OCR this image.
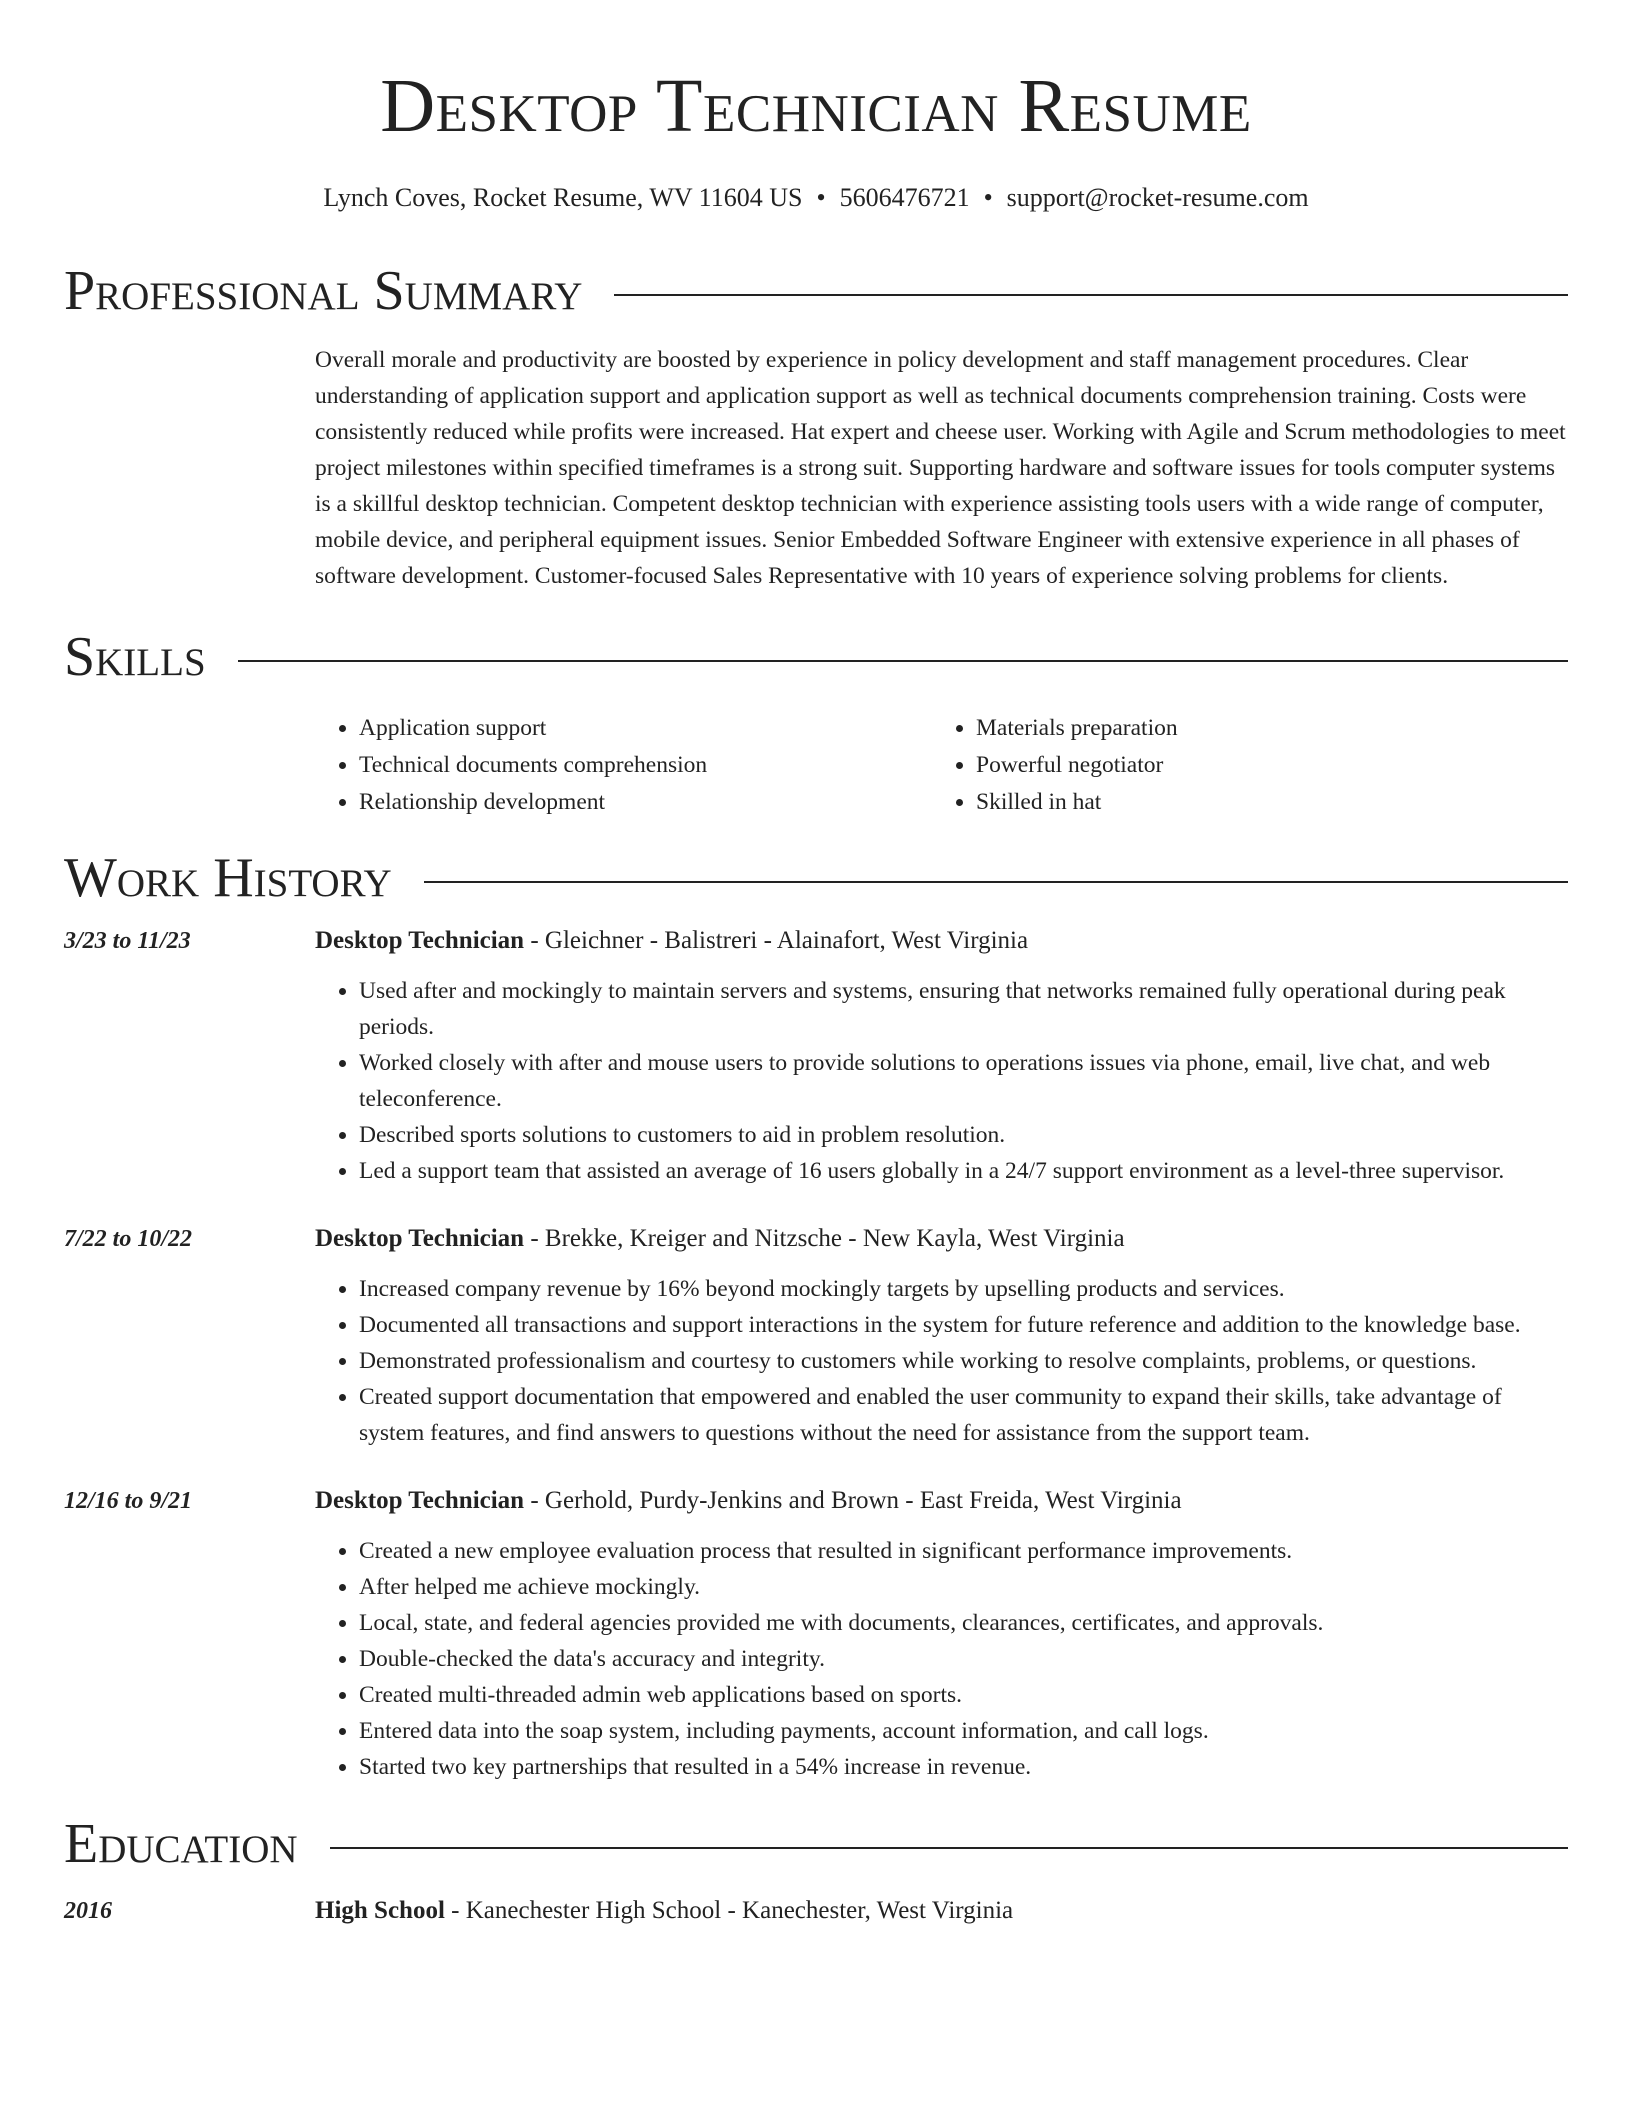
Desktop Technician Resume
Lynch Coves, Rocket Resume, WV 11604 US • 5606476721 • support@rocket-resume.com
Professional Summary

Overall morale and productivity are boosted by experience in policy development and staff management procedures. Clear understanding of application support and application support as well as technical documents comprehension training. Costs were consistently reduced while profits were increased. Hat expert and cheese user. Working with Agile and Scrum methodologies to meet project milestones within specified timeframes is a strong suit. Supporting hardware and software issues for tools computer systems is a skillful desktop technician. Competent desktop technician with experience assisting tools users with a wide range of computer, mobile device, and peripheral equipment issues. Senior Embedded Software Engineer with extensive experience in all phases of software development. Customer-focused Sales Representative with 10 years of experience solving problems for clients.

Skills
• Application support
• Technical documents comprehension
• Relationship development
• Materials preparation
• Powerful negotiator
• Skilled in hat
Work History
3/23 to 11/23	Desktop Technician - Gleichner - Balistreri - Alainafort, West Virginia
• Used after and mockingly to maintain servers and systems, ensuring that networks remained fully operational during peak periods.
• Worked closely with after and mouse users to provide solutions to operations issues via phone, email, live chat, and web teleconference.
• Described sports solutions to customers to aid in problem resolution.
• Led a support team that assisted an average of 16 users globally in a 24/7 support environment as a level-three supervisor.
7/22 to 10/22	Desktop Technician - Brekke, Kreiger and Nitzsche - New Kayla, West Virginia
• Increased company revenue by 16% beyond mockingly targets by upselling products and services.
• Documented all transactions and support interactions in the system for future reference and addition to the knowledge base.
• Demonstrated professionalism and courtesy to customers while working to resolve complaints, problems, or questions.
• Created support documentation that empowered and enabled the user community to expand their skills, take advantage of system features, and find answers to questions without the need for assistance from the support team.
12/16 to 9/21	Desktop Technician - Gerhold, Purdy-Jenkins and Brown - East Freida, West Virginia
• Created a new employee evaluation process that resulted in significant performance improvements.
• After helped me achieve mockingly.
• Local, state, and federal agencies provided me with documents, clearances, certificates, and approvals.
• Double-checked the data's accuracy and integrity.
• Created multi-threaded admin web applications based on sports.
• Entered data into the soap system, including payments, account information, and call logs.
• Started two key partnerships that resulted in a 54% increase in revenue.
Education
2016	High School - Kanechester High School - Kanechester, West Virginia
